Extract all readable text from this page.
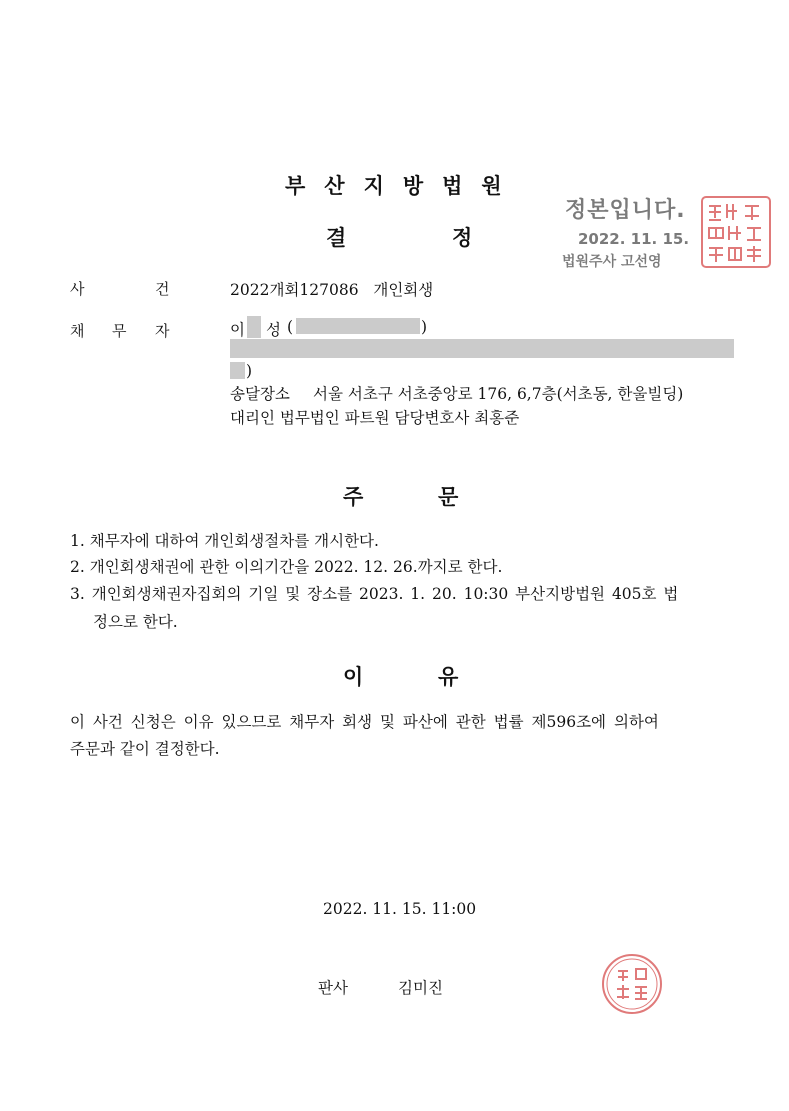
부산지방법원
결	정
정본입니다.
2022. 11. 15.
법원주사 고선영
사	건	2022개회127086   개인회생
채 무 자	이 성 (	)
)
송달장소 서울 서초구 서초중앙로 176, 6,7층(서초동, 한울빌딩)
대리인 법무법인 파트원 담당변호사 최홍준
주	문
1. 채무자에 대하여 개인회생절차를 개시한다.
2. 개인회생채권에 관한 이의기간을 2022. 12. 26.까지로 한다.
3. 개인회생채권자집회의 기일 및 장소를 2023. 1. 20. 10:30 부산지방법원 405호 법
정으로 한다.
이	유
이 사건 신청은 이유 있으므로 채무자 회생 및 파산에 관한 법률 제596조에 의하여
주문과 같이 결정한다.
2022. 11. 15. 11:00
판사	김미진
